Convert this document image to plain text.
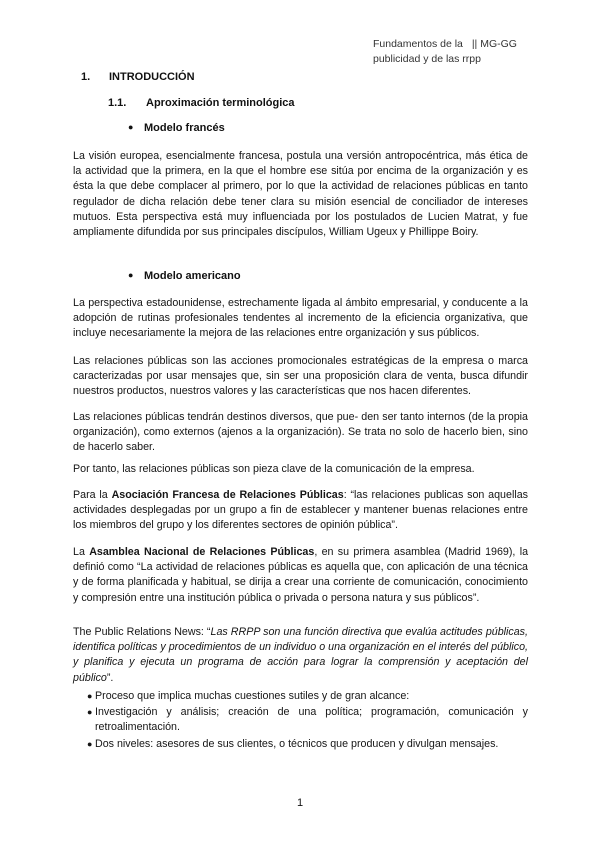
Fundamentos de la || MG-GG
publicidad y de las rrpp
1. INTRODUCCIÓN
1.1. Aproximación terminológica
● Modelo francés
La visión europea, esencialmente francesa, postula una versión antropocéntrica, más ética de la actividad que la primera, en la que el hombre ese sitúa por encima de la organización y es ésta la que debe complacer al primero, por lo que la actividad de relaciones públicas en tanto regulador de dicha relación debe tener clara su misión esencial de conciliador de intereses mutuos. Esta perspectiva está muy influenciada por los postulados de Lucien Matrat, y fue ampliamente difundida por sus principales discípulos, William Ugeux y Phillippe Boiry.
● Modelo americano
La perspectiva estadounidense, estrechamente ligada al ámbito empresarial, y conducente a la adopción de rutinas profesionales tendentes al incremento de la eficiencia organizativa, que incluye necesariamente la mejora de las relaciones entre organización y sus públicos.
Las relaciones públicas son las acciones promocionales estratégicas de la empresa o marca caracterizadas por usar mensajes que, sin ser una proposición clara de venta, busca difundir nuestros productos, nuestros valores y las características que nos hacen diferentes.
Las relaciones públicas tendrán destinos diversos, que pue- den ser tanto internos (de la propia organización), como externos (ajenos a la organización). Se trata no solo de hacerlo bien, sino de hacerlo saber.
Por tanto, las relaciones públicas son pieza clave de la comunicación de la empresa.
Para la Asociación Francesa de Relaciones Públicas: “las relaciones publicas son aquellas actividades desplegadas por un grupo a fin de establecer y mantener buenas relaciones entre los miembros del grupo y los diferentes sectores de opinión pública”.
La Asamblea Nacional de Relaciones Públicas, en su primera asamblea (Madrid 1969), la definió como “La actividad de relaciones públicas es aquella que, con aplicación de una técnica y de forma planificada y habitual, se dirija a crear una corriente de comunicación, conocimiento y compresión entre una institución pública o privada o persona natura y sus públicos”.
The Public Relations News: “Las RRPP son una función directiva que evalúa actitudes públicas, identifica políticas y procedimientos de un individuo o una organización en el interés del público, y planifica y ejecuta un programa de acción para lograr la comprensión y aceptación del público”.
● Proceso que implica muchas cuestiones sutiles y de gran alcance:
● Investigación y análisis; creación de una política; programación, comunicación y retroalimentación.
● Dos niveles: asesores de sus clientes, o técnicos que producen y divulgan mensajes.
1
